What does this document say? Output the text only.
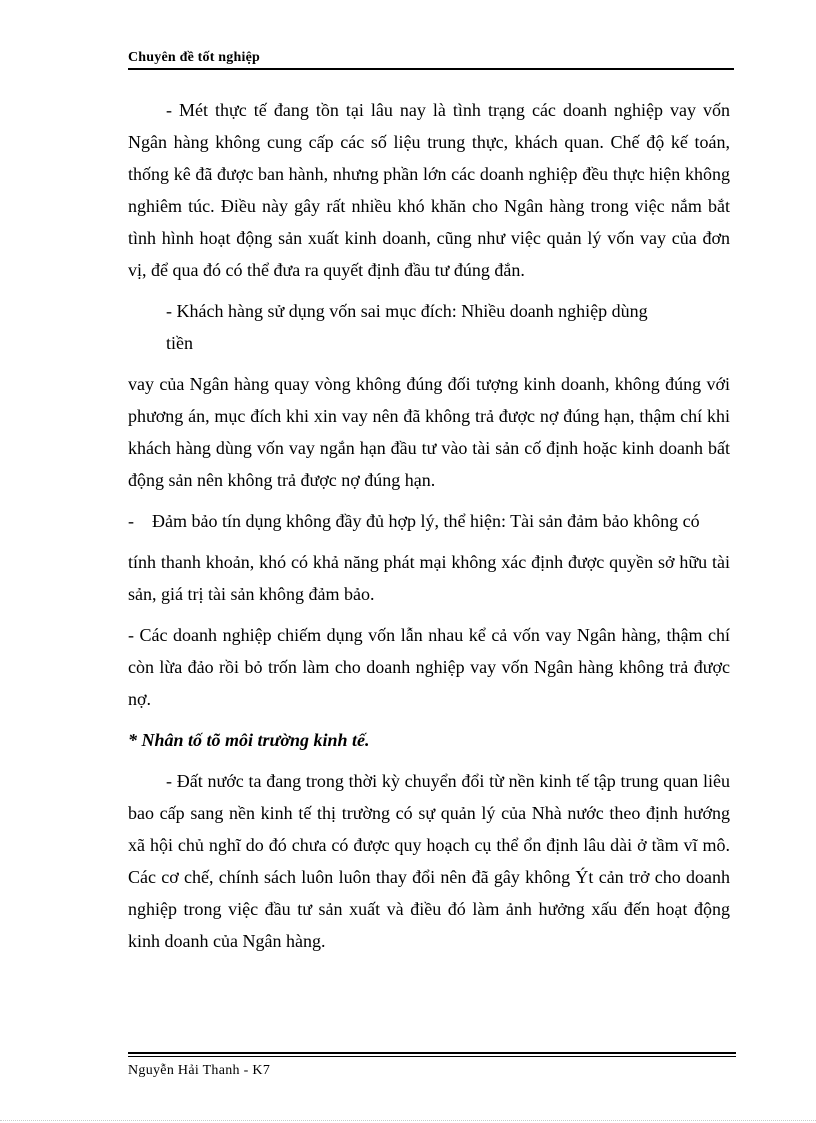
Chuyên đề tốt nghiệp

- Mét thực tế đang tồn tại lâu nay là tình trạng các doanh nghiệp vay vốn Ngân hàng không cung cấp các số liệu trung thực, khách quan. Chế độ kế toán, thống kê đã được ban hành, nhưng phần lớn các doanh nghiệp đều thực hiện không nghiêm túc. Điều này gây rất nhiều khó khăn cho Ngân hàng trong việc nắm bắt tình hình hoạt động sản xuất kinh doanh, cũng như việc quản lý vốn vay của đơn vị, để qua đó có thể đưa ra quyết định đầu tư đúng đắn.

- Khách hàng sử dụng vốn sai mục đích: Nhiều doanh nghiệp dùng

tiền

vay của Ngân hàng quay vòng không đúng đối tượng kinh doanh, không đúng với phương án, mục đích khi xin vay nên đã không trả được nợ đúng hạn, thậm chí khi khách hàng dùng vốn vay ngắn hạn đầu tư vào tài sản cố định hoặc kinh doanh bất động sản nên không trả được nợ đúng hạn.

- Đảm bảo tín dụng không đầy đủ hợp lý, thể hiện: Tài sản đảm bảo không có

tính thanh khoản, khó có khả năng phát mại không xác định được quyền sở hữu tài sản, giá trị tài sản không đảm bảo.

- Các doanh nghiệp chiếm dụng vốn lẫn nhau kể cả vốn vay Ngân hàng, thậm chí còn lừa đảo rồi bỏ trốn làm cho doanh nghiệp vay vốn Ngân hàng không trả được nợ.

* Nhân tố tõ môi trường kinh tế.

- Đất nước ta đang trong thời kỳ chuyển đổi từ nền kinh tế tập trung quan liêu bao cấp sang nền kinh tế thị trường có sự quản lý của Nhà nước theo định hướng xã hội chủ nghĩ do đó chưa có được quy hoạch cụ thể ổn định lâu dài ở tầm vĩ mô. Các cơ chế, chính sách luôn luôn thay đổi nên đã gây không Ýt cản trở cho doanh nghiệp trong việc đầu tư sản xuất và điều đó làm ảnh hưởng xấu đến hoạt động kinh doanh của Ngân hàng.

Nguyễn Hải Thanh - K7
